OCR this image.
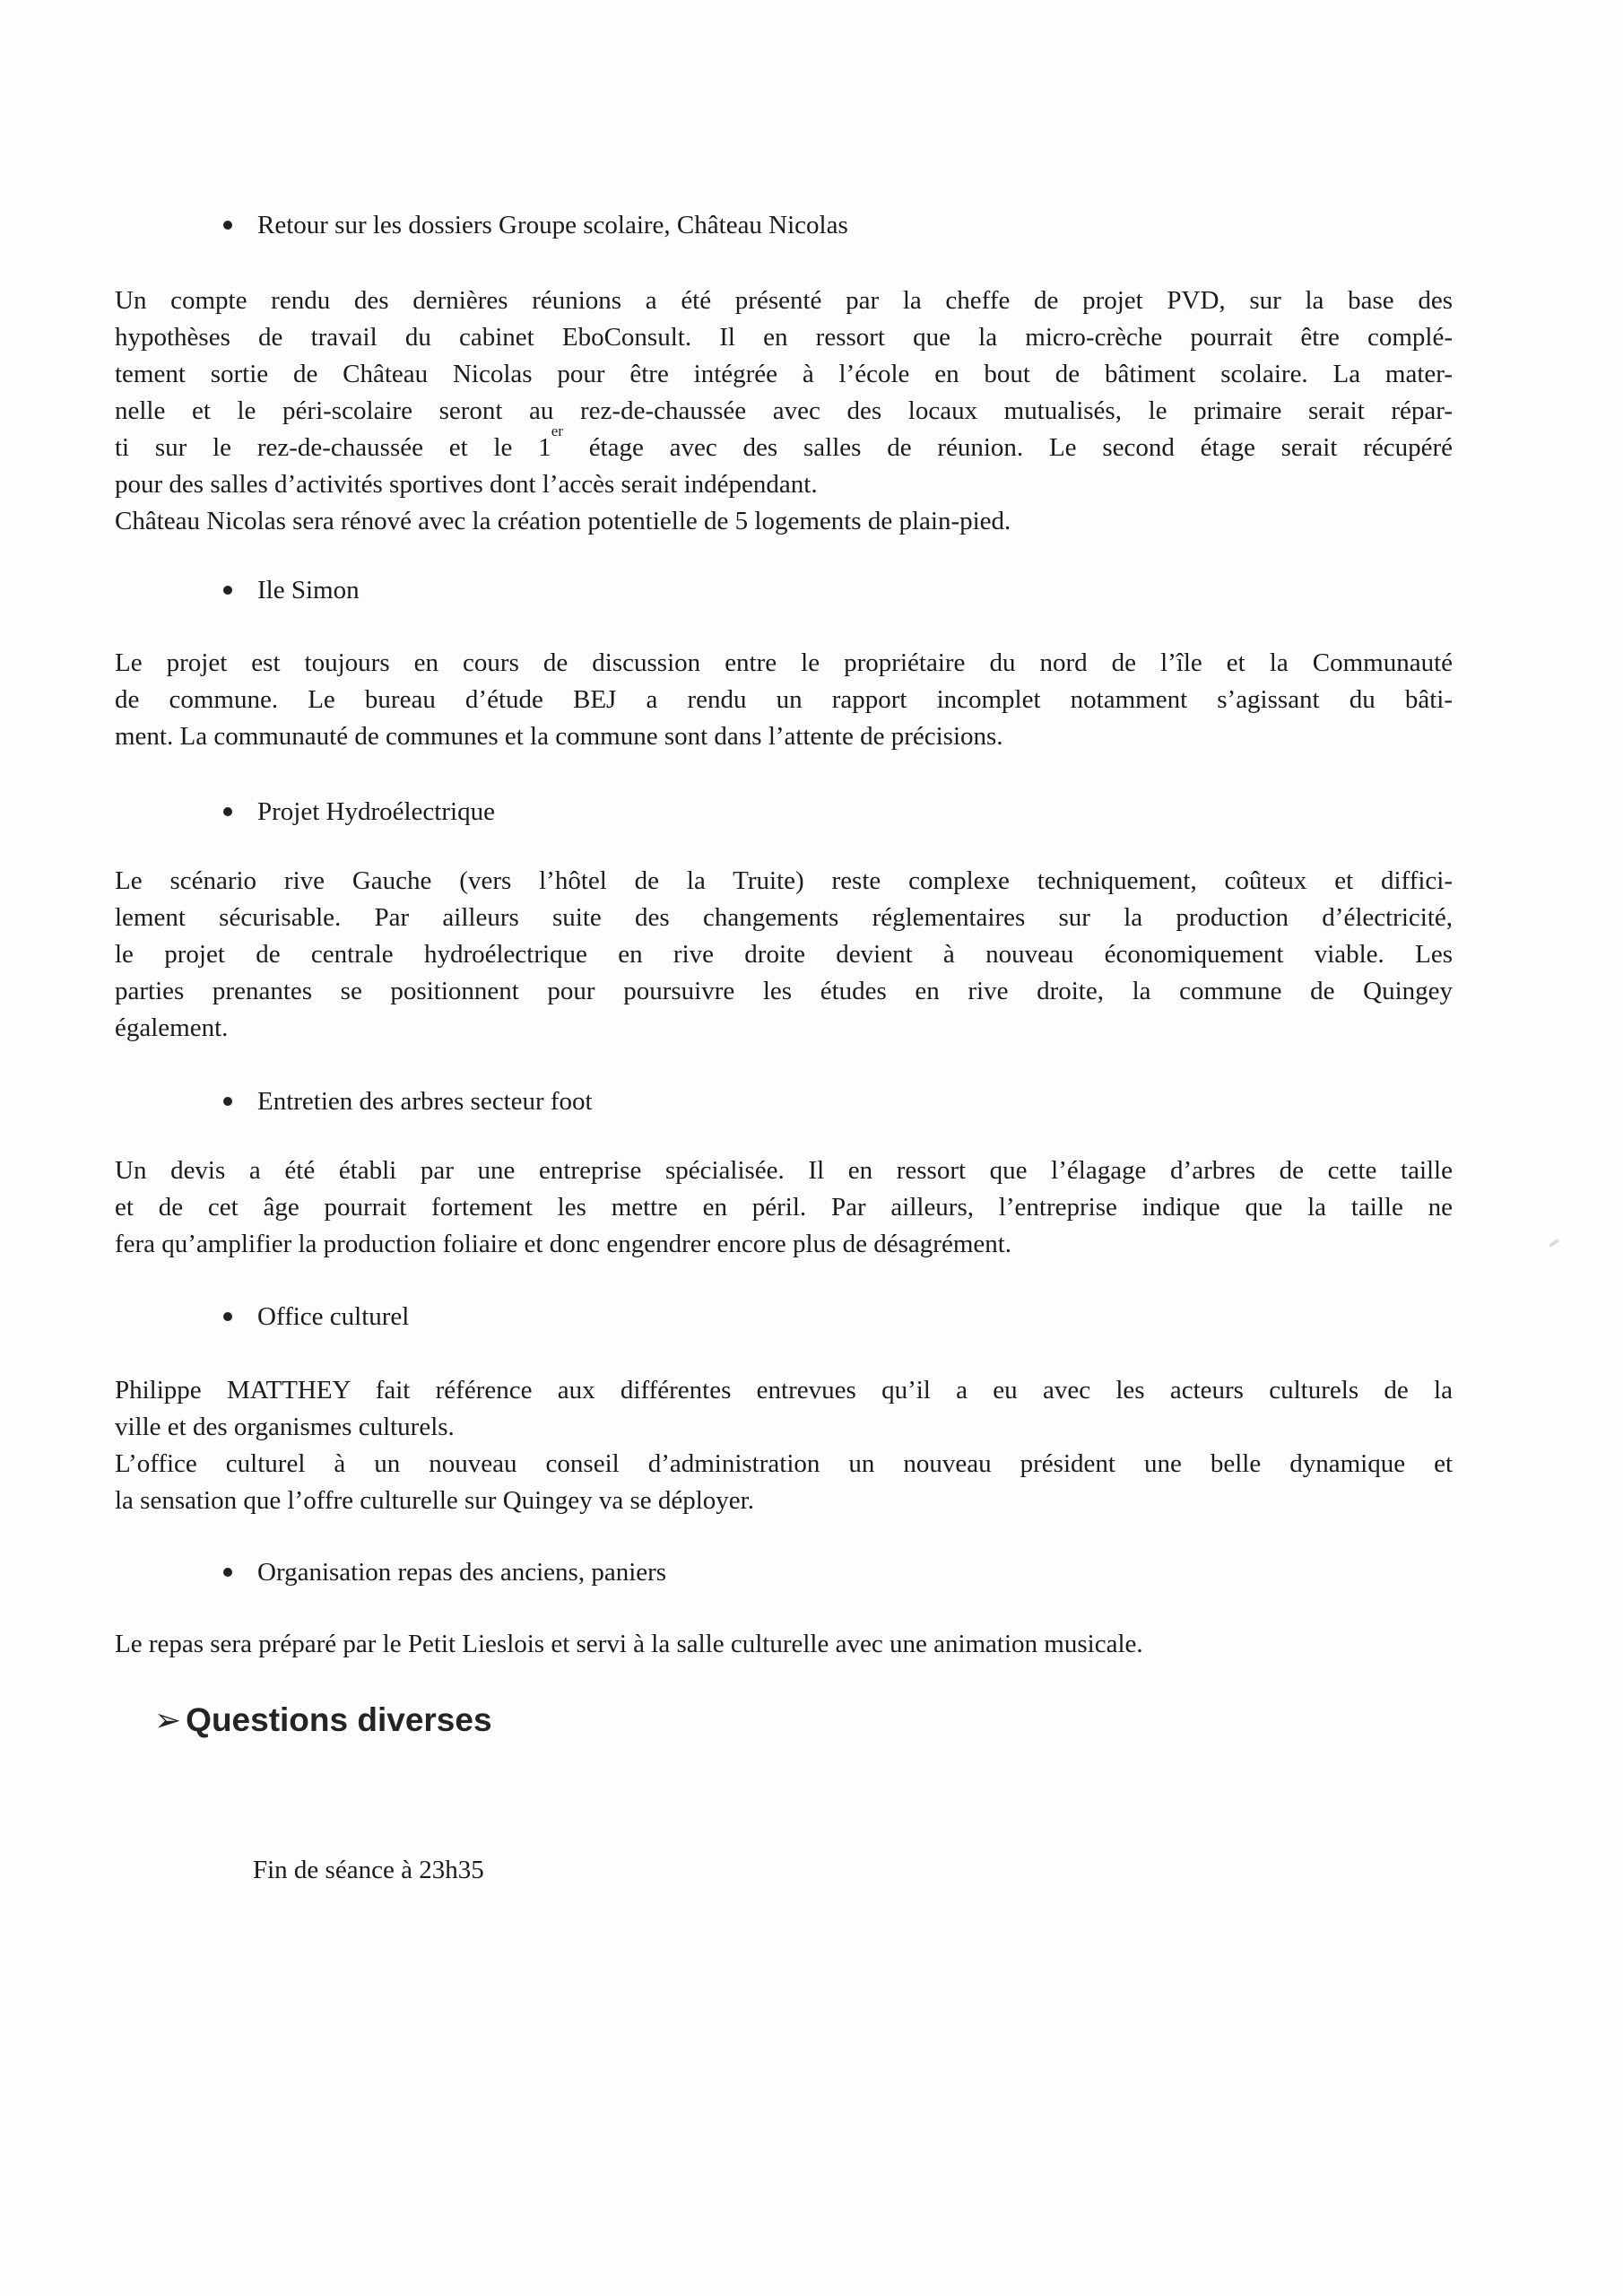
Retour sur les dossiers Groupe scolaire, Château Nicolas
Un compte rendu des dernières réunions a été présenté par la cheffe de projet PVD, sur la base des
hypothèses de travail du cabinet EboConsult. Il en ressort que la micro-crèche pourrait être complé-
tement sortie de Château Nicolas pour être intégrée à l’école en bout de bâtiment scolaire. La mater-
nelle et le péri-scolaire seront au rez-de-chaussée avec des locaux mutualisés, le primaire serait répar-
ti sur le rez-de-chaussée et le 1er étage avec des salles de réunion. Le second étage serait récupéré
pour des salles d’activités sportives dont l’accès serait indépendant.
Château Nicolas sera rénové avec la création potentielle de 5 logements de plain-pied.
Ile Simon
Le projet est toujours en cours de discussion entre le propriétaire du nord de l’île et la Communauté
de commune. Le bureau d’étude BEJ a rendu un rapport incomplet notamment s’agissant du bâti-
ment. La communauté de communes et la commune sont dans l’attente de précisions.
Projet Hydroélectrique
Le scénario rive Gauche (vers l’hôtel de la Truite) reste complexe techniquement, coûteux et diffici-
lement sécurisable. Par ailleurs suite des changements réglementaires sur la production d’électricité,
le projet de centrale hydroélectrique en rive droite devient à nouveau économiquement viable. Les
parties prenantes se positionnent pour poursuivre les études en rive droite, la commune de Quingey
également.
Entretien des arbres secteur foot
Un devis a été établi par une entreprise spécialisée. Il en ressort que l’élagage d’arbres de cette taille
et de cet âge pourrait fortement les mettre en péril. Par ailleurs, l’entreprise indique que la taille ne
fera qu’amplifier la production foliaire et donc engendrer encore plus de désagrément.
Office culturel
Philippe MATTHEY fait référence aux différentes entrevues qu’il a eu avec les acteurs culturels de la
ville et des organismes culturels.
L’office culturel à un nouveau conseil d’administration un nouveau président une belle dynamique et
la sensation que l’offre culturelle sur Quingey va se déployer.
Organisation repas des anciens, paniers
Le repas sera préparé par le Petit Lieslois et servi à la salle culturelle avec une animation musicale.
➢ Questions diverses
Fin de séance à 23h35
